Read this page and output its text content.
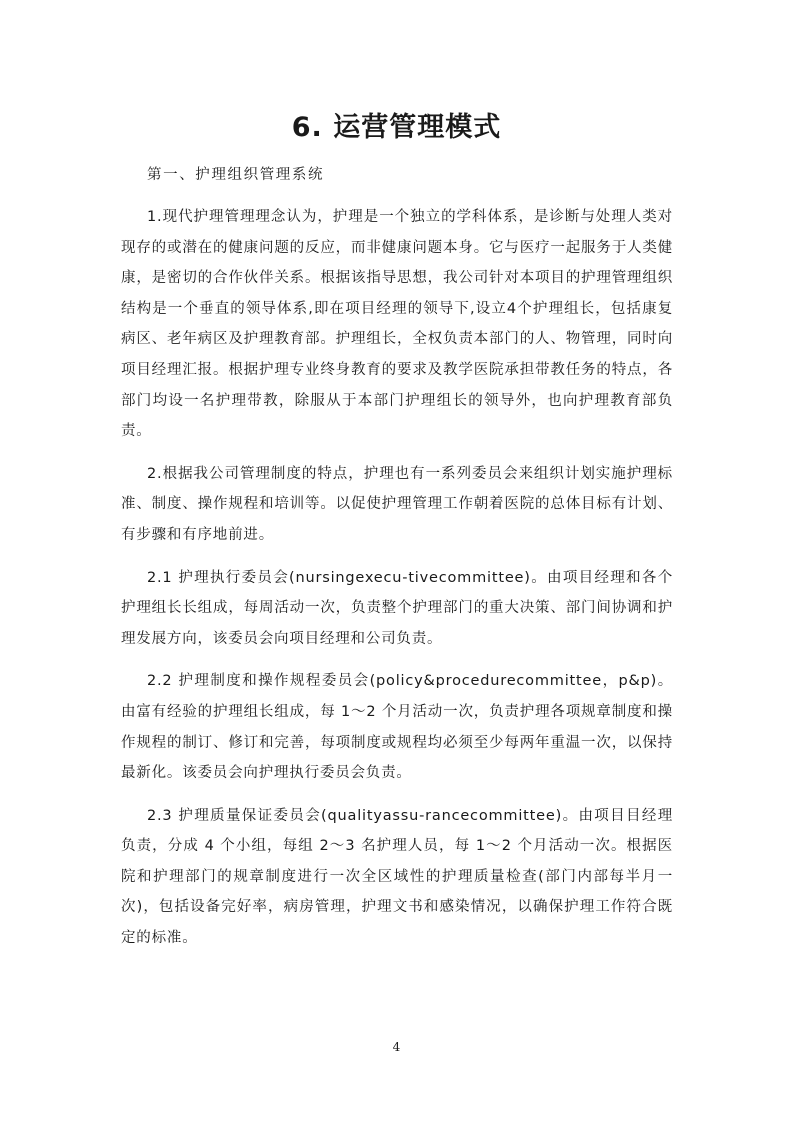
6. 运营管理模式

第一、护理组织管理系统

1.现代护理管理理念认为，护理是一个独立的学科体系，是诊断与处理人类对现存的或潜在的健康问题的反应，而非健康问题本身。它与医疗一起服务于人类健康，是密切的合作伙伴关系。根据该指导思想，我公司针对本项目的护理管理组织结构是一个垂直的领导体系,即在项目经理的领导下,设立4个护理组长，包括康复病区、老年病区及护理教育部。护理组长，全权负责本部门的人、物管理，同时向项目经理汇报。根据护理专业终身教育的要求及教学医院承担带教任务的特点，各部门均设一名护理带教，除服从于本部门护理组长的领导外，也向护理教育部负责。

2.根据我公司管理制度的特点，护理也有一系列委员会来组织计划实施护理标准、制度、操作规程和培训等。以促使护理管理工作朝着医院的总体目标有计划、有步骤和有序地前进。

2.1 护理执行委员会(nursingexecu-tivecommittee)。由项目经理和各个护理组长长组成，每周活动一次，负责整个护理部门的重大决策、部门间协调和护理发展方向，该委员会向项目经理和公司负责。

2.2 护理制度和操作规程委员会(policy&procedurecommittee，p&p)。由富有经验的护理组长组成，每 1～2 个月活动一次，负责护理各项规章制度和操作规程的制订、修订和完善，每项制度或规程均必须至少每两年重温一次，以保持最新化。该委员会向护理执行委员会负责。

2.3 护理质量保证委员会(qualityassu-rancecommittee)。由项目目经理负责，分成 4 个小组，每组 2～3 名护理人员，每 1～2 个月活动一次。根据医院和护理部门的规章制度进行一次全区域性的护理质量检查(部门内部每半月一次)，包括设备完好率，病房管理，护理文书和感染情况，以确保护理工作符合既定的标准。

4
